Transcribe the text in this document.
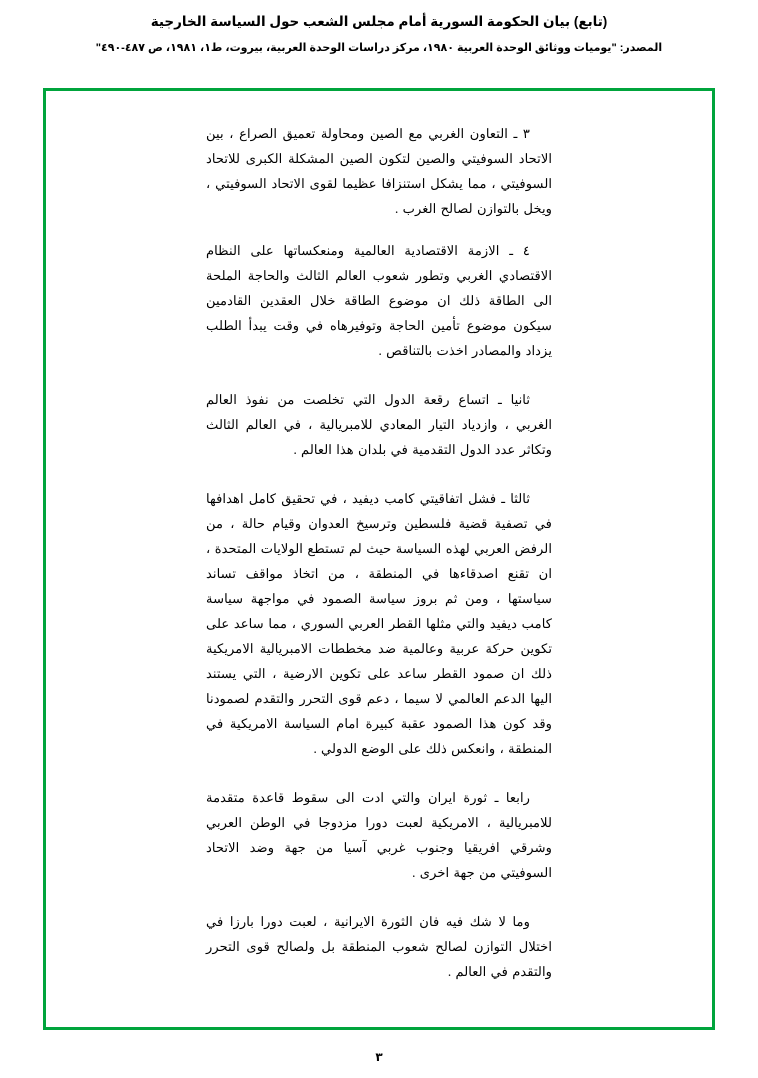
(تابع) بيان الحكومة السورية أمام مجلس الشعب حول السياسة الخارجية
المصدر: "يوميات ووثائق الوحدة العربية ١٩٨٠، مركز دراسات الوحدة العربية، بيروت، ط١، ١٩٨١، ص ٤٨٧-٤٩٠"

٣ ـ التعاون الغربي مع الصين ومحاولة تعميق الصراع ، بين الاتحاد السوفيتي والصين لتكون الصين المشكلة الكبرى للاتحاد السوفيتي ، مما يشكل استنزافا عظيما لقوى الاتحاد السوفيتي ، ويخل بالتوازن لصالح الغرب .

٤ ـ الازمة الاقتصادية العالمية ومنعكساتها على النظام الاقتصادي الغربي وتطور شعوب العالم الثالث والحاجة الملحة الى الطاقة ذلك ان موضوع الطاقة خلال العقدين القادمين سيكون موضوع تأمين الحاجة وتوفيرهاه في وقت يبدأ الطلب يزداد والمصادر اخذت بالتناقص .

ثانيا ـ اتساع رقعة الدول التي تخلصت من نفوذ العالم الغربي ، وازدياد التيار المعادي للامبريالية ، في العالم الثالث وتكاثر عدد الدول التقدمية في بلدان هذا العالم .

ثالثا ـ فشل اتفاقيتي كامب ديفيد ، في تحقيق كامل اهدافها في تصفية قضية فلسطين وترسيخ العدوان وقيام حالة ، من الرفض العربي لهذه السياسة حيث لم تستطع الولايات المتحدة ، ان تقنع اصدقاءها في المنطقة ، من اتخاذ مواقف تساند سياستها ، ومن ثم بروز سياسة الصمود في مواجهة سياسة كامب ديفيد والتي مثلها القطر العربي السوري ، مما ساعد على تكوين حركة عربية وعالمية ضد مخططات الامبريالية الامريكية ذلك ان صمود القطر ساعد على تكوين الارضية ، التي يستند اليها الدعم العالمي لا سيما ، دعم قوى التحرر والتقدم لصمودنا وقد كون هذا الصمود عقبة كبيرة امام السياسة الامريكية في المنطقة ، وانعكس ذلك على الوضع الدولي .

رابعا ـ ثورة ايران والتي ادت الى سقوط قاعدة متقدمة للامبريالية ، الامريكية لعبت دورا مزدوجا في الوطن العربي وشرقي افريقيا وجنوب غربي آسيا من جهة وضد الاتحاد السوفيتي من جهة اخرى .

وما لا شك فيه فان الثورة الايرانية ، لعبت دورا بارزا في اختلال التوازن لصالح شعوب المنطقة بل ولصالح قوى التحرر والتقدم في العالم .

٣
